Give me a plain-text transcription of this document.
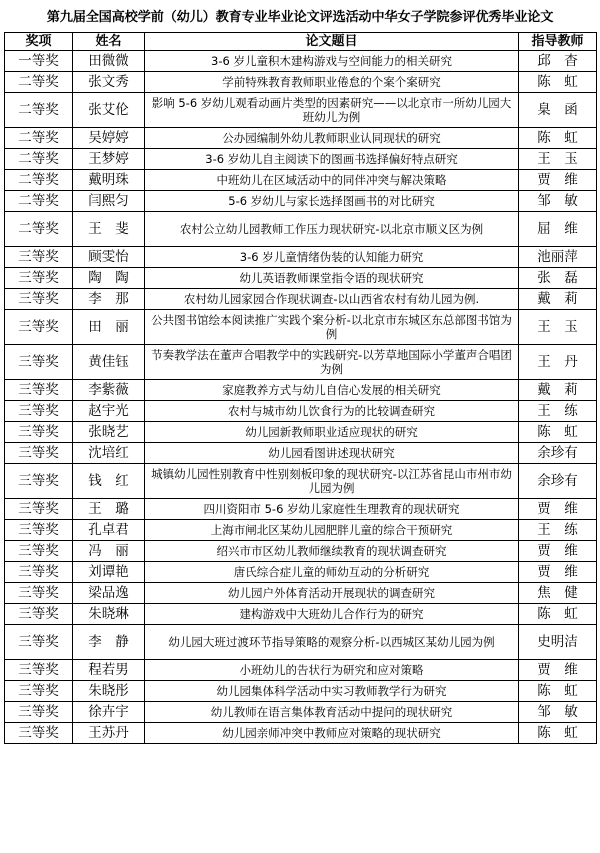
第九届全国高校学前（幼儿）教育专业毕业论文评选活动中华女子学院参评优秀毕业论文
奖项	姓名	论文题目	指导教师
一等奖	田微微	3-6 岁儿童积木建构游戏与空间能力的相关研究	邱　杳
二等奖	张文秀	学前特殊教育教师职业倦怠的个案个案研究	陈　虹
二等奖	张艾伦	影响 5-6 岁幼儿观看动画片类型的因素研究——以北京市一所幼儿园大班幼儿为例	臬　函
二等奖	吴婷婷	公办园编制外幼儿教师职业认同现状的研究	陈　虹
二等奖	王梦婷	3-6 岁幼儿自主阅读下的图画书选择偏好特点研究	王　玉
二等奖	戴明珠	中班幼儿在区域活动中的同伴冲突与解决策略	贾　维
二等奖	闫熙匀	5-6 岁幼儿与家长选择图画书的对比研究	邹　敏
二等奖	王　斐	农村公立幼儿园教师工作压力现状研究-以北京市顺义区为例	屈　维
三等奖	顾雯怡	3-6 岁儿童情绪伪装的认知能力研究	池丽萍
三等奖	陶　陶	幼儿英语教师课堂指令语的现状研究	张　磊
三等奖	李　那	农村幼儿园家园合作现状调查-以山西省农村有幼儿园为例.	戴　莉
三等奖	田　丽	公共图书馆绘本阅读推广实践个案分析-以北京市东城区东总部图书馆为例	王　玉
三等奖	黄佳钰	节奏教学法在董声合唱教学中的实践研究-以芳草地国际小学董声合唱团为例	王　丹
三等奖	李紫薇	家庭教养方式与幼儿自信心发展的相关研究	戴　莉
三等奖	赵宇光	农村与城市幼儿饮食行为的比较调查研究	王　练
三等奖	张晓艺	幼儿园新教师职业适应现状的研究	陈　虹
三等奖	沈培红	幼儿园看图讲述现状研究	余珍有
三等奖	钱　红	城镇幼儿园性别教育中性别刻板印象的现状研究-以江苏省昆山市州市幼儿园为例	余珍有
三等奖	王　璐	四川资阳市 5-6 岁幼儿家庭性生理教育的现状研究	贾　维
三等奖	孔卓君	上海市闸北区某幼儿园肥胖儿童的综合干预研究	王　练
三等奖	冯　丽	绍兴市市区幼儿教师继续教育的现状调查研究	贾　维
三等奖	刘谭艳	唐氏综合症儿童的师幼互动的分析研究	贾　维
三等奖	梁品逸	幼儿园户外体育活动开展现状的调查研究	焦　健
三等奖	朱晓琳	建构游戏中大班幼儿合作行为的研究	陈　虹
三等奖	李　静	幼儿园大班过渡环节指导策略的观察分析-以西城区某幼儿园为例	史明洁
三等奖	程若男	小班幼儿的告状行为研究和应对策略	贾　维
三等奖	朱晓彤	幼儿园集体科学活动中实习教师教学行为研究	陈　虹
三等奖	徐卉宇	幼儿教师在语言集体教育活动中提问的现状研究	邹　敏
三等奖	王苏丹	幼儿园亲师冲突中教师应对策略的现状研究	陈　虹
